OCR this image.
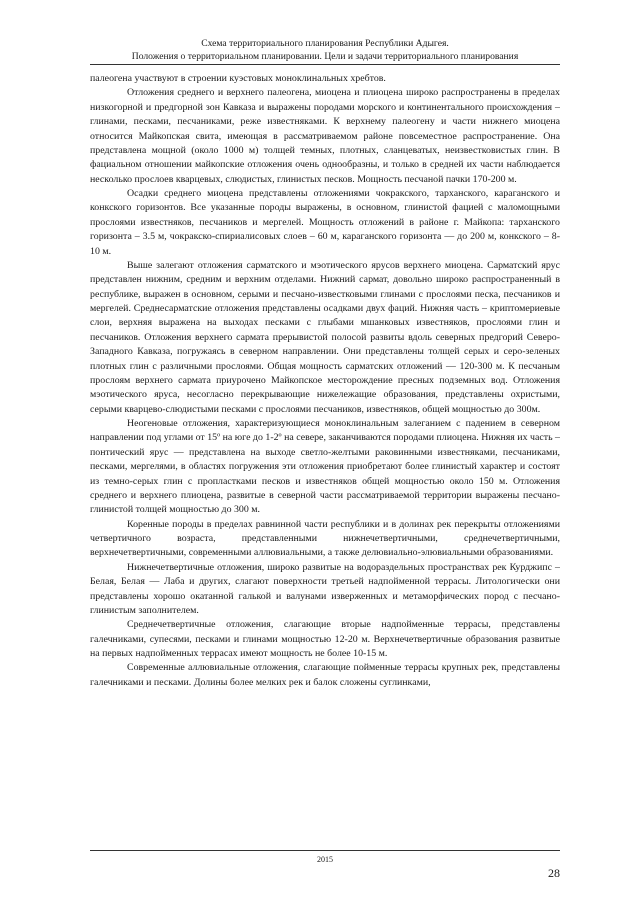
Схема территориального планирования Республики Адыгея.
Положения о территориальном планировании. Цели и задачи территориального планирования

палеогена участвуют в строении куэстовых моноклинальных хребтов.

Отложения среднего и верхнего палеогена, миоцена и плиоцена широко распространены в пределах низкогорной и предгорной зон Кавказа и выражены породами морского и континентального происхождения – глинами, песками, песчаниками, реже известняками. К верхнему палеогену и части нижнего миоцена относится Майкопская свита, имеющая в рассматриваемом районе повсеместное распространение. Она представлена мощной (около 1000 м) толщей темных, плотных, сланцеватых, неизвестковистых глин. В фациальном отношении майкопские отложения очень однообразны, и только в средней их части наблюдается несколько прослоев кварцевых, слюдистых, глинистых песков. Мощность песчаной пачки 170-200 м.

Осадки среднего миоцена представлены отложениями чокракского, тарханского, караганского и конкского горизонтов. Все указанные породы выражены, в основном, глинистой фацией с маломощными прослоями известняков, песчаников и мергелей. Мощность отложений в районе г. Майкопа: тарханского горизонта – 3.5 м, чокракско-спириалисовых слоев – 60 м, караганского горизонта — до 200 м, конкского – 8-10 м.

Выше залегают отложения сарматского и мэотического ярусов верхнего миоцена. Сарматский ярус представлен нижним, средним и верхним отделами. Нижний сармат, довольно широко распространенный в республике, выражен в основном, серыми и песчано-известковыми глинами с прослоями песка, песчаников и мергелей. Среднесарматские отложения представлены осадками двух фаций. Нижняя часть – криптомериевые слои, верхняя выражена на выходах песками с глыбами мшанковых известняков, прослоями глин и песчаников. Отложения верхнего сармата прерывистой полосой развиты вдоль северных предгорий Северо-Западного Кавказа, погружаясь в северном направлении. Они представлены толщей серых и серо-зеленых плотных глин с различными прослоями. Общая мощность сарматских отложений — 120-300 м. К песчаным прослоям верхнего сармата приурочено Майкопское месторождение пресных подземных вод. Отложения мэотического яруса, несогласно перекрывающие нижележащие образования, представлены охристыми, серыми кварцево-слюдистыми песками с прослоями песчаников, известняков, общей мощностью до 300м.

Неогеновые отложения, характеризующиеся моноклинальным залеганием с падением в северном направлении под углами от 15º на юге до 1-2º на севере, заканчиваются породами плиоцена. Нижняя их часть – понтический ярус — представлена на выходе светло-желтыми раковинными известняками, песчаниками, песками, мергелями, в областях погружения эти отложения приобретают более глинистый характер и состоят из темно-серых глин с пропластками песков и известняков общей мощностью около 150 м. Отложения среднего и верхнего плиоцена, развитые в северной части рассматриваемой территории выражены песчано-глинистой толщей мощностью до 300 м.

Коренные породы в пределах равнинной части республики и в долинах рек перекрыты отложениями четвертичного возраста, представленными нижнечетвертичными, среднечетвертичными, верхнечетвертичными, современными аллювиальными, а также делювиально-элювиальными образованиями.

Нижнечетвертичные отложения, широко развитые на водораздельных пространствах рек Курджипс – Белая, Белая — Лаба и других, слагают поверхности третьей надпойменной террасы. Литологически они представлены хорошо окатанной галькой и валунами изверженных и метаморфических пород с песчано-глинистым заполнителем.

Среднечетвертичные отложения, слагающие вторые надпойменные террасы, представлены галечниками, супесями, песками и глинами мощностью 12-20 м. Верхнечетвертичные образования развитые на первых надпойменных террасах имеют мощность не более 10-15 м.

Современные аллювиальные отложения, слагающие пойменные террасы крупных рек, представлены галечниками и песками. Долины более мелких рек и балок сложены суглинками,

2015
28
